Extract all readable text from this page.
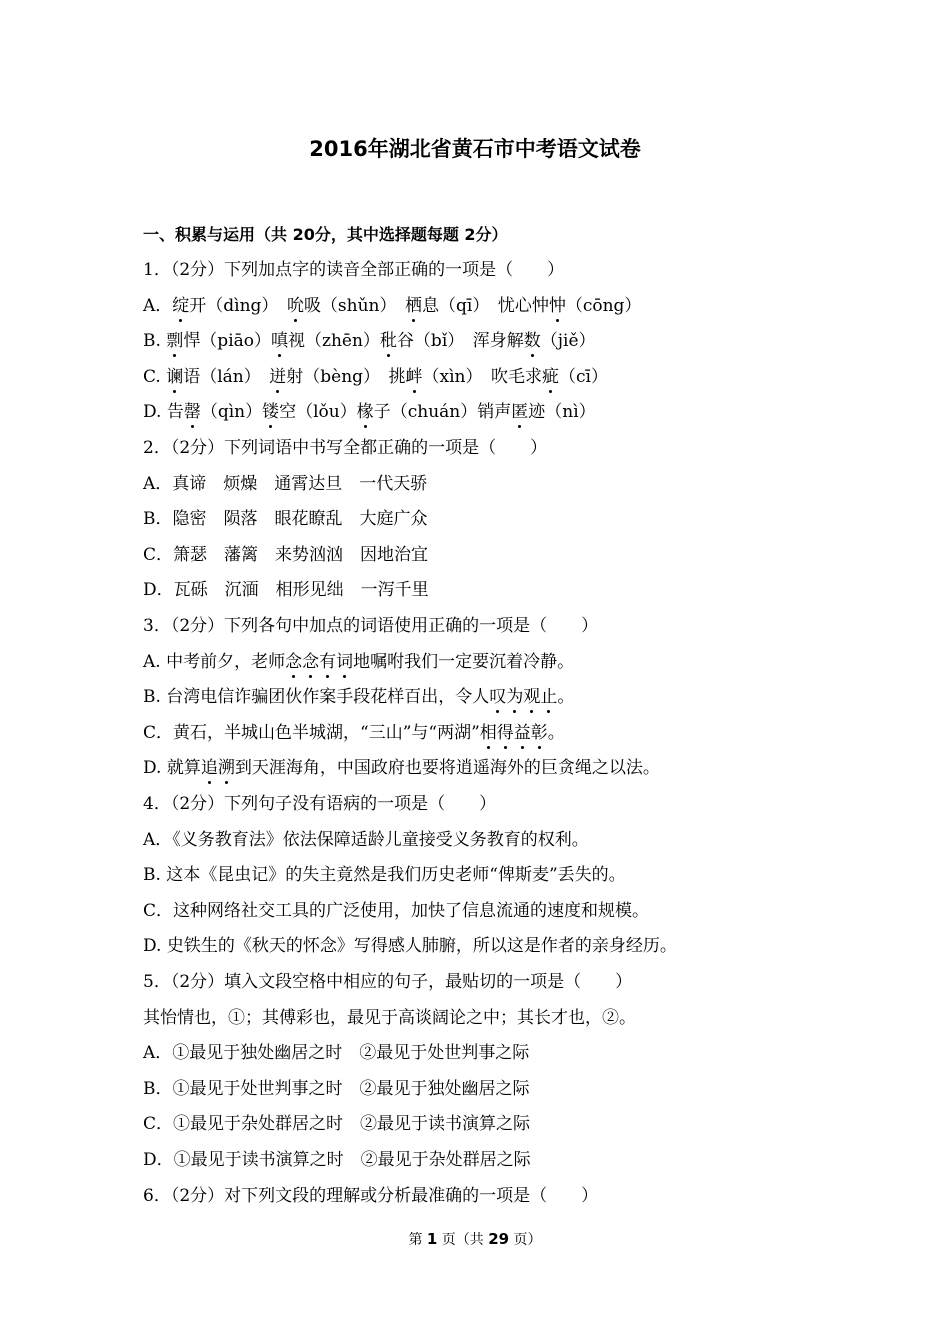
2016年湖北省黄石市中考语文试卷
一、积累与运用（共 20分，其中选择题每题 2分）
1．（2分）下列加点字的读音全部正确的一项是（　　）
A．绽开（dìng）　吮吸（shǔn）　栖息（qī）　忧心忡忡（cōng）
B. 剽悍（piāo）嗔视（zhēn）秕谷（bǐ）　浑身解数（jiě）
C. 谰语（lán）　迸射（bèng）　挑衅（xìn）　吹毛求疵（cī）
D. 告罄（qìn）镂空（lǒu）椽子（chuán）销声匿迹（nì）
2．（2分）下列词语中书写全都正确的一项是（　　）
A．真谛　烦燥　通霄达旦　一代天骄
B．隐密　陨落　眼花瞭乱　大庭广众
C．箫瑟　藩篱　来势汹汹　因地治宜
D．瓦砾　沉湎　相形见绌　一泻千里
3．（2分）下列各句中加点的词语使用正确的一项是（　　）
A. 中考前夕，老师念念有词地嘱咐我们一定要沉着冷静。
B. 台湾电信诈骗团伙作案手段花样百出，令人叹为观止。
C．黄石，半城山色半城湖，“三山”与“两湖”相得益彰。
D. 就算追溯到天涯海角，中国政府也要将逍遥海外的巨贪绳之以法。
4．（2分）下列句子没有语病的一项是（　　）
A．《义务教育法》依法保障适龄儿童接受义务教育的权利。
B. 这本《昆虫记》的失主竟然是我们历史老师“俾斯麦”丢失的。
C．这种网络社交工具的广泛使用，加快了信息流通的速度和规模。
D. 史铁生的《秋天的怀念》写得感人肺腑，所以这是作者的亲身经历。
5．（2分）填入文段空格中相应的句子，最贴切的一项是（　　）
其怡情也，①；其傅彩也，最见于高谈阔论之中；其长才也，②。
A．①最见于独处幽居之时　②最见于处世判事之际
B．①最见于处世判事之时　②最见于独处幽居之际
C．①最见于杂处群居之时　②最见于读书演算之际
D．①最见于读书演算之时　②最见于杂处群居之际
6．（2分）对下列文段的理解或分析最准确的一项是（　　）
第 1 页（共 29 页）
